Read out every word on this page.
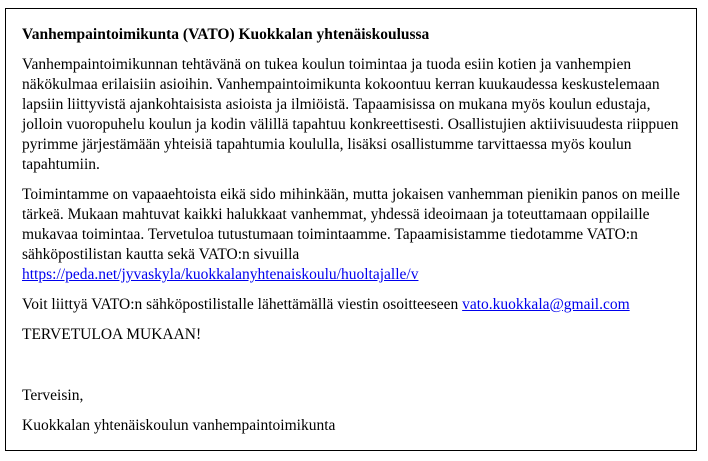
Vanhempaintoimikunta (VATO) Kuokkalan yhtenäiskoulussa

Vanhempaintoimikunnan tehtävänä on tukea koulun toimintaa ja tuoda esiin kotien ja vanhempien näkökulmaa erilaisiin asioihin. Vanhempaintoimikunta kokoontuu kerran kuukaudessa keskustelemaan lapsiin liittyvistä ajankohtaisista asioista ja ilmiöistä. Tapaamisissa on mukana myös koulun edustaja, jolloin vuoropuhelu koulun ja kodin välillä tapahtuu konkreettisesti. Osallistujien aktiivisuudesta riippuen pyrimme järjestämään yhteisiä tapahtumia koululla, lisäksi osallistumme tarvittaessa myös koulun tapahtumiin.

Toimintamme on vapaaehtoista eikä sido mihinkään, mutta jokaisen vanhemman pienikin panos on meille tärkeä. Mukaan mahtuvat kaikki halukkaat vanhemmat, yhdessä ideoimaan ja toteuttamaan oppilaille mukavaa toimintaa. Tervetuloa tutustumaan toimintaamme. Tapaamisistamme tiedotamme VATO:n sähköpostilistan kautta sekä VATO:n sivuilla
https://peda.net/jyvaskyla/kuokkalanyhtenaiskoulu/huoltajalle/v

Voit liittyä VATO:n sähköpostilistalle lähettämällä viestin osoitteeseen vato.kuokkala@gmail.com

TERVETULOA MUKAAN!

Terveisin,

Kuokkalan yhtenäiskoulun vanhempaintoimikunta
